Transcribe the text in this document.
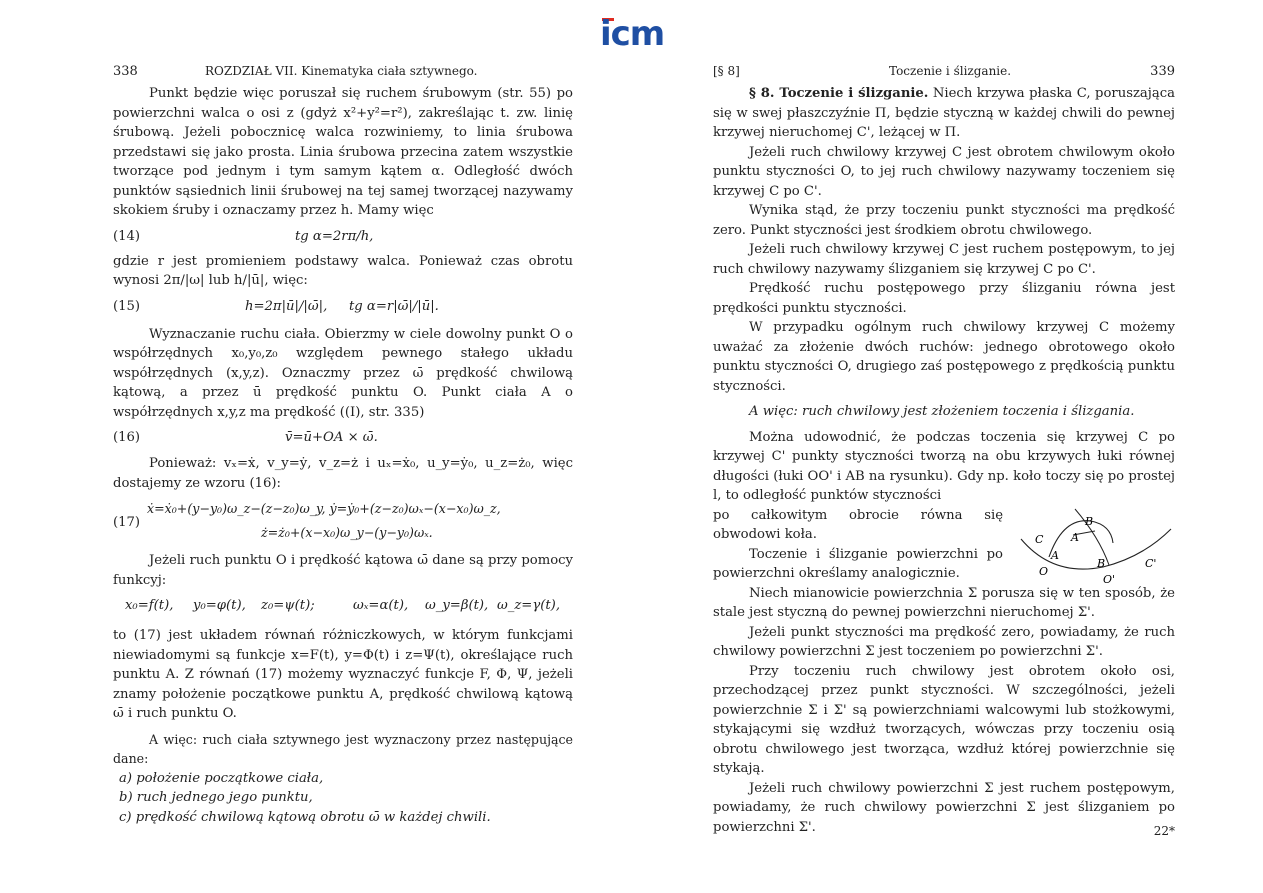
icm
338	ROZDZIAŁ VII. Kinematyka ciała sztywnego.

Punkt będzie więc poruszał się ruchem śrubowym (str. 55) po powierzchni walca o osi z (gdyż x²+y²=r²), zakreślając t. zw. linię śrubową. Jeżeli pobocznicę walca rozwiniemy, to linia śrubowa przedstawi się jako prosta. Linia śrubowa przecina zatem wszystkie tworzące pod jednym i tym samym kątem α. Odległość dwóch punktów sąsiednich linii śrubowej na tej samej tworzącej nazywamy skokiem śruby i oznaczamy przez h. Mamy więc

(14)	tg α=2rπ/h,

gdzie r jest promieniem podstawy walca. Ponieważ czas obrotu wynosi 2π/|ω| lub h/|ū|, więc:

(15)	h=2π|ū|/|ω̄|, tg α=r|ω̄|/|ū|.

Wyznaczanie ruchu ciała. Obierzmy w ciele dowolny punkt O o współrzędnych x₀,y₀,z₀ względem pewnego stałego układu współrzędnych (x,y,z). Oznaczmy przez ω̄ prędkość chwilową kątową, a przez ū prędkość punktu O. Punkt ciała A o współrzędnych x,y,z ma prędkość ((I), str. 335)

(16)	v̄=ū+OA × ω̄.

Ponieważ: vₓ=ẋ, v_y=ẏ, v_z=ż i uₓ=ẋ₀, u_y=ẏ₀, u_z=ż₀, więc dostajemy ze wzoru (16):

(17)
ẋ=ẋ₀+(y−y₀)ω_z−(z−z₀)ω_y, ẏ=ẏ₀+(z−z₀)ωₓ−(x−x₀)ω_z,
ż=ż₀+(x−x₀)ω_y−(y−y₀)ωₓ.

Jeżeli ruch punktu O i prędkość kątowa ω̄ dane są przy pomocy funkcyj:

x₀=f(t), y₀=φ(t), z₀=ψ(t);	ωₓ=α(t), ω_y=β(t), ω_z=γ(t),

to (17) jest układem równań różniczkowych, w którym funkcjami niewiadomymi są funkcje x=F(t), y=Φ(t) i z=Ψ(t), określające ruch punktu A. Z równań (17) możemy wyznaczyć funkcje F, Φ, Ψ, jeżeli znamy położenie początkowe punktu A, prędkość chwilową kątową ω̄ i ruch punktu O.

A więc: ruch ciała sztywnego jest wyznaczony przez następujące dane:

a) położenie początkowe ciała,

b) ruch jednego jego punktu,

c) prędkość chwilową kątową obrotu ω̄ w każdej chwili.

[§ 8]	Toczenie i ślizganie.	339

§ 8. Toczenie i ślizganie. Niech krzywa płaska C, poruszająca się w swej płaszczyźnie Π, będzie styczną w każdej chwili do pewnej krzywej nieruchomej C', leżącej w Π.

Jeżeli ruch chwilowy krzywej C jest obrotem chwilowym około punktu styczności O, to jej ruch chwilowy nazywamy toczeniem się krzywej C po C'.

Wynika stąd, że przy toczeniu punkt styczności ma prędkość zero. Punkt styczności jest środkiem obrotu chwilowego.

Jeżeli ruch chwilowy krzywej C jest ruchem postępowym, to jej ruch chwilowy nazywamy ślizganiem się krzywej C po C'.

Prędkość ruchu postępowego przy ślizganiu równa jest prędkości punktu styczności.

W przypadku ogólnym ruch chwilowy krzywej C możemy uważać za złożenie dwóch ruchów: jednego obrotowego około punktu styczności O, drugiego zaś postępowego z prędkością punktu styczności.

A więc: ruch chwilowy jest złożeniem toczenia i ślizgania.

Można udowodnić, że podczas toczenia się krzywej C po krzywej C' punkty styczności tworzą na obu krzywych łuki równej długości (łuki OO' i AB na rysunku). Gdy np. koło toczy się po prostej l, to odległość punktów styczności

po całkowitym obrocie równa się obwodowi koła.

Toczenie i ślizganie powierzchni po powierzchni określamy analogicznie.

Niech mianowicie powierzchnia Σ porusza się w ten sposób, że stale jest styczną do pewnej powierzchni nieruchomej Σ'.

Jeżeli punkt styczności ma prędkość zero, powiadamy, że ruch chwilowy powierzchni Σ jest toczeniem po powierzchni Σ'.

Przy toczeniu ruch chwilowy jest obrotem około osi, przechodzącej przez punkt styczności. W szczególności, jeżeli powierzchnie Σ i Σ' są powierzchniami walcowymi lub stożkowymi, stykającymi się wzdłuż tworzących, wówczas przy toczeniu osią obrotu chwilowego jest tworząca, wzdłuż której powierzchnie się stykają.

Jeżeli ruch chwilowy powierzchni Σ jest ruchem postępowym, powiadamy, że ruch chwilowy powierzchni Σ jest ślizganiem po powierzchni Σ'.	22*
C	A
B
A
O
B	C'
O'
